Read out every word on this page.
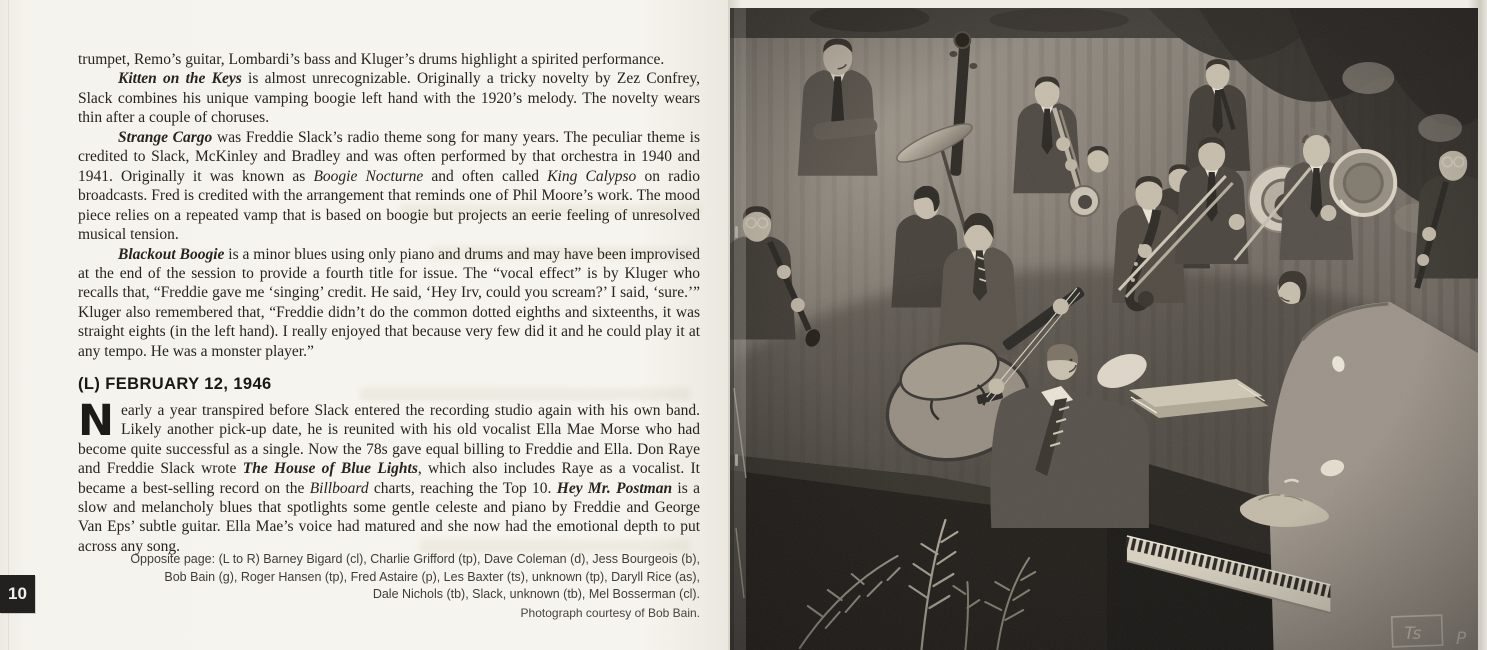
trumpet, Remo’s guitar, Lombardi’s bass and Kluger’s drums highlight a spirited performance.
Kitten on the Keys is almost unrecognizable. Originally a tricky novelty by Zez Confrey, Slack combines his unique vamping boogie left hand with the 1920’s melody. The novelty wears thin after a couple of choruses.
Strange Cargo was Freddie Slack’s radio theme song for many years. The peculiar theme is credited to Slack, McKinley and Bradley and was often performed by that orchestra in 1940 and 1941. Originally it was known as Boogie Nocturne and often called King Calypso on radio broadcasts. Fred is credited with the arrangement that reminds one of Phil Moore’s work. The mood piece relies on a repeated vamp that is based on boogie but projects an eerie feeling of unresolved musical tension.
Blackout Boogie is a minor blues using only piano and drums and may have been improvised at the end of the session to provide a fourth title for issue. The “vocal effect” is by Kluger who recalls that, “Freddie gave me ‘singing’ credit. He said, ‘Hey Irv, could you scream?’ I said, ‘sure.’” Kluger also remembered that, “Freddie didn’t do the common dotted eighths and sixteenths, it was straight eights (in the left hand). I really enjoyed that because very few did it and he could play it at any tempo. He was a monster player.”
(L) FEBRUARY 12, 1946
Nearly a year transpired before Slack entered the recording studio again with his own band. Likely another pick-up date, he is reunited with his old vocalist Ella Mae Morse who had become quite successful as a single. Now the 78s gave equal billing to Freddie and Ella. Don Raye and Freddie Slack wrote The House of Blue Lights, which also includes Raye as a vocalist. It became a best-selling record on the Billboard charts, reaching the Top 10. Hey Mr. Postman is a slow and melancholy blues that spotlights some gentle celeste and piano by Freddie and George Van Eps’ subtle guitar. Ella Mae’s voice had matured and she now had the emotional depth to put across any song.
Opposite page: (L to R) Barney Bigard (cl), Charlie Grifford (tp), Dave Coleman (d), Jess Bourgeois (b),
Bob Bain (g), Roger Hansen (tp), Fred Astaire (p), Les Baxter (ts), unknown (tp), Daryll Rice (as),
Dale Nichols (tb), Slack, unknown (tb), Mel Bosserman (cl).
Photograph courtesy of Bob Bain.
10
